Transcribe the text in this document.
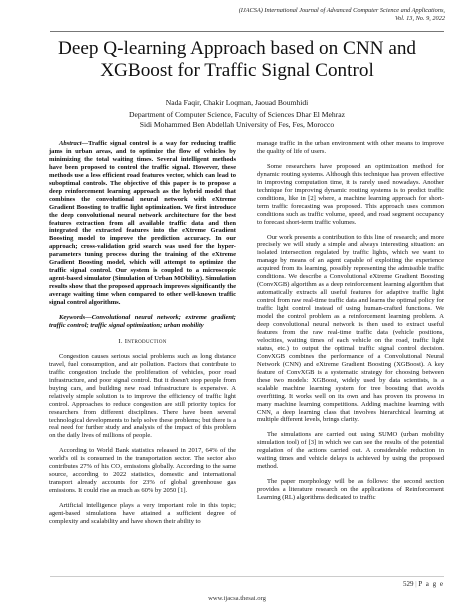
(IJACSA) International Journal of Advanced Computer Science and Applications,
Vol. 13, No. 9, 2022
Deep Q-learning Approach based on CNN and
XGBoost for Traffic Signal Control
Nada Faqir, Chakir Loqman, Jaouad Boumhidi
Department of Computer Science, Faculty of Sciences Dhar El Mehraz
Sidi Mohammed Ben Abdellah University of Fes, Fes, Morocco

Abstract—Traffic signal control is a way for reducing traffic jams in urban areas, and to optimize the flow of vehicles by minimizing the total waiting times. Several intelligent methods have been proposed to control the traffic signal. However, these methods use a less efficient road features vector, which can lead to suboptimal controls. The objective of this paper is to propose a deep reinforcement learning approach as the hybrid model that combines the convolutional neural network with eXtreme Gradient Boosting to traffic light optimization. We first introduce the deep convolutional neural network architecture for the best features extraction from all available traffic data and then integrated the extracted features into the eXtreme Gradient Boosting model to improve the prediction accuracy. In our approach; cross-validation grid search was used for the hyper-parameters tuning process during the training of the eXtreme Gradient Boosting model, which will attempt to optimize the traffic signal control. Our system is coupled to a microscopic agent-based simulator (Simulation of Urban MObility). Simulation results show that the proposed approach improves significantly the average waiting time when compared to other well-known traffic signal control algorithms.

Keywords—Convolutional neural network; extreme gradient; traffic control; traffic signal optimization; urban mobility

I. Introduction

Congestion causes serious social problems such as long distance travel, fuel consumption, and air pollution. Factors that contribute to traffic congestion include the proliferation of vehicles, poor road infrastructure, and poor signal control. But it doesn't stop people from buying cars, and building new road infrastructure is expensive. A relatively simple solution is to improve the efficiency of traffic light control. Approaches to reduce congestion are still priority topics for researchers from different disciplines. There have been several technological developments to help solve these problems; but there is a real need for further study and analysis of the impact of this problem on the daily lives of millions of people.

According to World Bank statistics released in 2017, 64% of the world's oil is consumed in the transportation sector. The sector also contributes 27% of his CO₂ emissions globally. According to the same source, according to 2022 statistics, domestic and international transport already accounts for 23% of global greenhouse gas emissions. It could rise as much as 60% by 2050 [1].

Artificial intelligence plays a very important role in this topic; agent-based simulations have attained a sufficient degree of complexity and scalability and have shown their ability to

manage traffic in the urban environment with other means to improve the quality of life of users.

Some researchers have proposed an optimization method for dynamic routing systems. Although this technique has proven effective in improving computation time, it is rarely used nowadays. Another technique for improving dynamic routing systems is to predict traffic conditions, like in [2] where, a machine learning approach for short-term traffic forecasting was proposed. This approach uses common conditions such as traffic volume, speed, and road segment occupancy to forecast short-term traffic volumes.

Our work presents a contribution to this line of research; and more precisely we will study a simple and always interesting situation: an isolated intersection regulated by traffic lights, which we want to manage by means of an agent capable of exploiting the experience acquired from its learning, possibly representing the admissible traffic conditions. We describe a Convolutional eXtreme Gradient Boosting (ConvXGB) algorithm as a deep reinforcement learning algorithm that automatically extracts all useful features for adaptive traffic light control from raw real-time traffic data and learns the optimal policy for traffic light control instead of using human-crafted functions. We model the control problem as a reinforcement learning problem. A deep convolutional neural network is then used to extract useful features from the raw real-time traffic data (vehicle positions, velocities, waiting times of each vehicle on the road, traffic light status, etc.) to output the optimal traffic signal control decision. ConvXGB combines the performance of a Convolutional Neural Network (CNN) and eXtreme Gradient Boosting (XGBoost). A key feature of ConvXGB is a systematic strategy for choosing between these two models: XGBoost, widely used by data scientists, is a scalable machine learning system for tree boosting that avoids overfitting. It works well on its own and has proven its prowess in many machine learning competitions. Adding machine learning with CNN, a deep learning class that involves hierarchical learning at multiple different levels, brings clarity.

The simulations are carried out using SUMO (urban mobility simulation tool) of [3] in which we can see the results of the potential regulation of the actions carried out. A considerable reduction in waiting times and vehicle delays is achieved by using the proposed method.

The paper morphology will be as follows: the second section provides a literature research on the applications of Reinforcement Learning (RL) algorithms dedicated to traffic

529 | P a g e
www.ijacsa.thesai.org
